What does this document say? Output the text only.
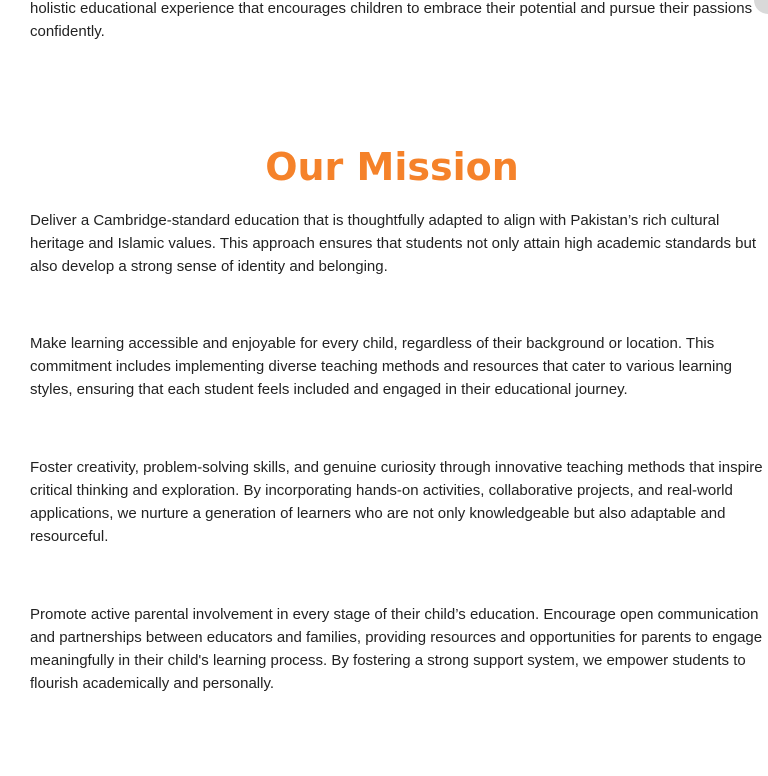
holistic educational experience that encourages children to embrace their potential and pursue their passions confidently.

Our Mission

Deliver a Cambridge-standard education that is thoughtfully adapted to align with Pakistan’s rich cultural heritage and Islamic values. This approach ensures that students not only attain high academic standards but also develop a strong sense of identity and belonging.

Make learning accessible and enjoyable for every child, regardless of their background or location. This commitment includes implementing diverse teaching methods and resources that cater to various learning styles, ensuring that each student feels included and engaged in their educational journey.

Foster creativity, problem-solving skills, and genuine curiosity through innovative teaching methods that inspire critical thinking and exploration. By incorporating hands-on activities, collaborative projects, and real-world applications, we nurture a generation of learners who are not only knowledgeable but also adaptable and resourceful.

Promote active parental involvement in every stage of their child’s education. Encourage open communication and partnerships between educators and families, providing resources and opportunities for parents to engage meaningfully in their child's learning process. By fostering a strong support system, we empower students to flourish academically and personally.
